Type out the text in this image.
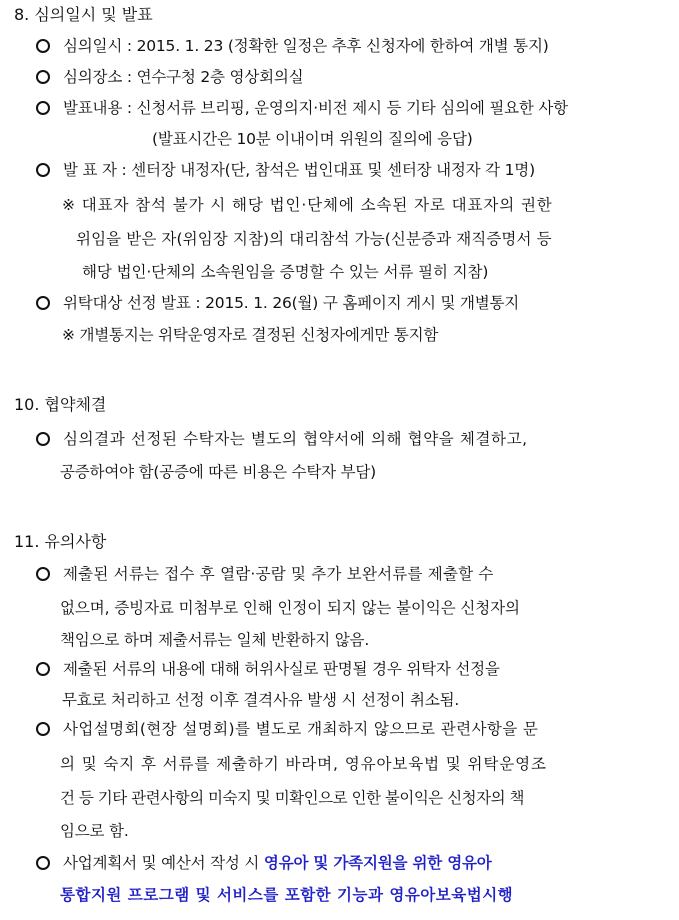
8. 심의일시 및 발표
심의일시 : 2015. 1. 23 (정확한 일정은 추후 신청자에 한하여 개별 통지)
심의장소 : 연수구청 2층 영상회의실
발표내용 : 신청서류 브리핑, 운영의지·비전 제시 등 기타 심의에 필요한 사항
(발표시간은 10분 이내이며 위원의 질의에 응답)
발 표 자 : 센터장 내정자(단, 참석은 법인대표 및 센터장 내정자 각 1명)
※ 대표자 참석 불가 시 해당 법인·단체에 소속된 자로 대표자의 권한
위임을 받은 자(위임장 지참)의 대리참석 가능(신분증과 재직증명서 등
해당 법인·단체의 소속원임을 증명할 수 있는 서류 필히 지참)
위탁대상 선정 발표 : 2015. 1. 26(월) 구 홈페이지 게시 및 개별통지
※ 개별통지는 위탁운영자로 결정된 신청자에게만 통지함
10. 협약체결
심의결과 선정된 수탁자는 별도의 협약서에 의해 협약을 체결하고,
공증하여야 함(공증에 따른 비용은 수탁자 부담)
11. 유의사항
제출된 서류는 접수 후 열람·공람 및 추가 보완서류를 제출할 수
없으며, 증빙자료 미첨부로 인해 인정이 되지 않는 불이익은 신청자의
책임으로 하며 제출서류는 일체 반환하지 않음.
제출된 서류의 내용에 대해 허위사실로 판명될 경우 위탁자 선정을
무효로 처리하고 선정 이후 결격사유 발생 시 선정이 취소됨.
사업설명회(현장 설명회)를 별도로 개최하지 않으므로 관련사항을 문
의 및 숙지 후 서류를 제출하기 바라며, 영유아보육법 및 위탁운영조
건 등 기타 관련사항의 미숙지 및 미확인으로 인한 불이익은 신청자의 책
임으로 함.
사업계획서 및 예산서 작성 시 영유아 및 가족지원을 위한 영유아
통합지원 프로그램 및 서비스를 포함한 기능과 영유아보육법시행
